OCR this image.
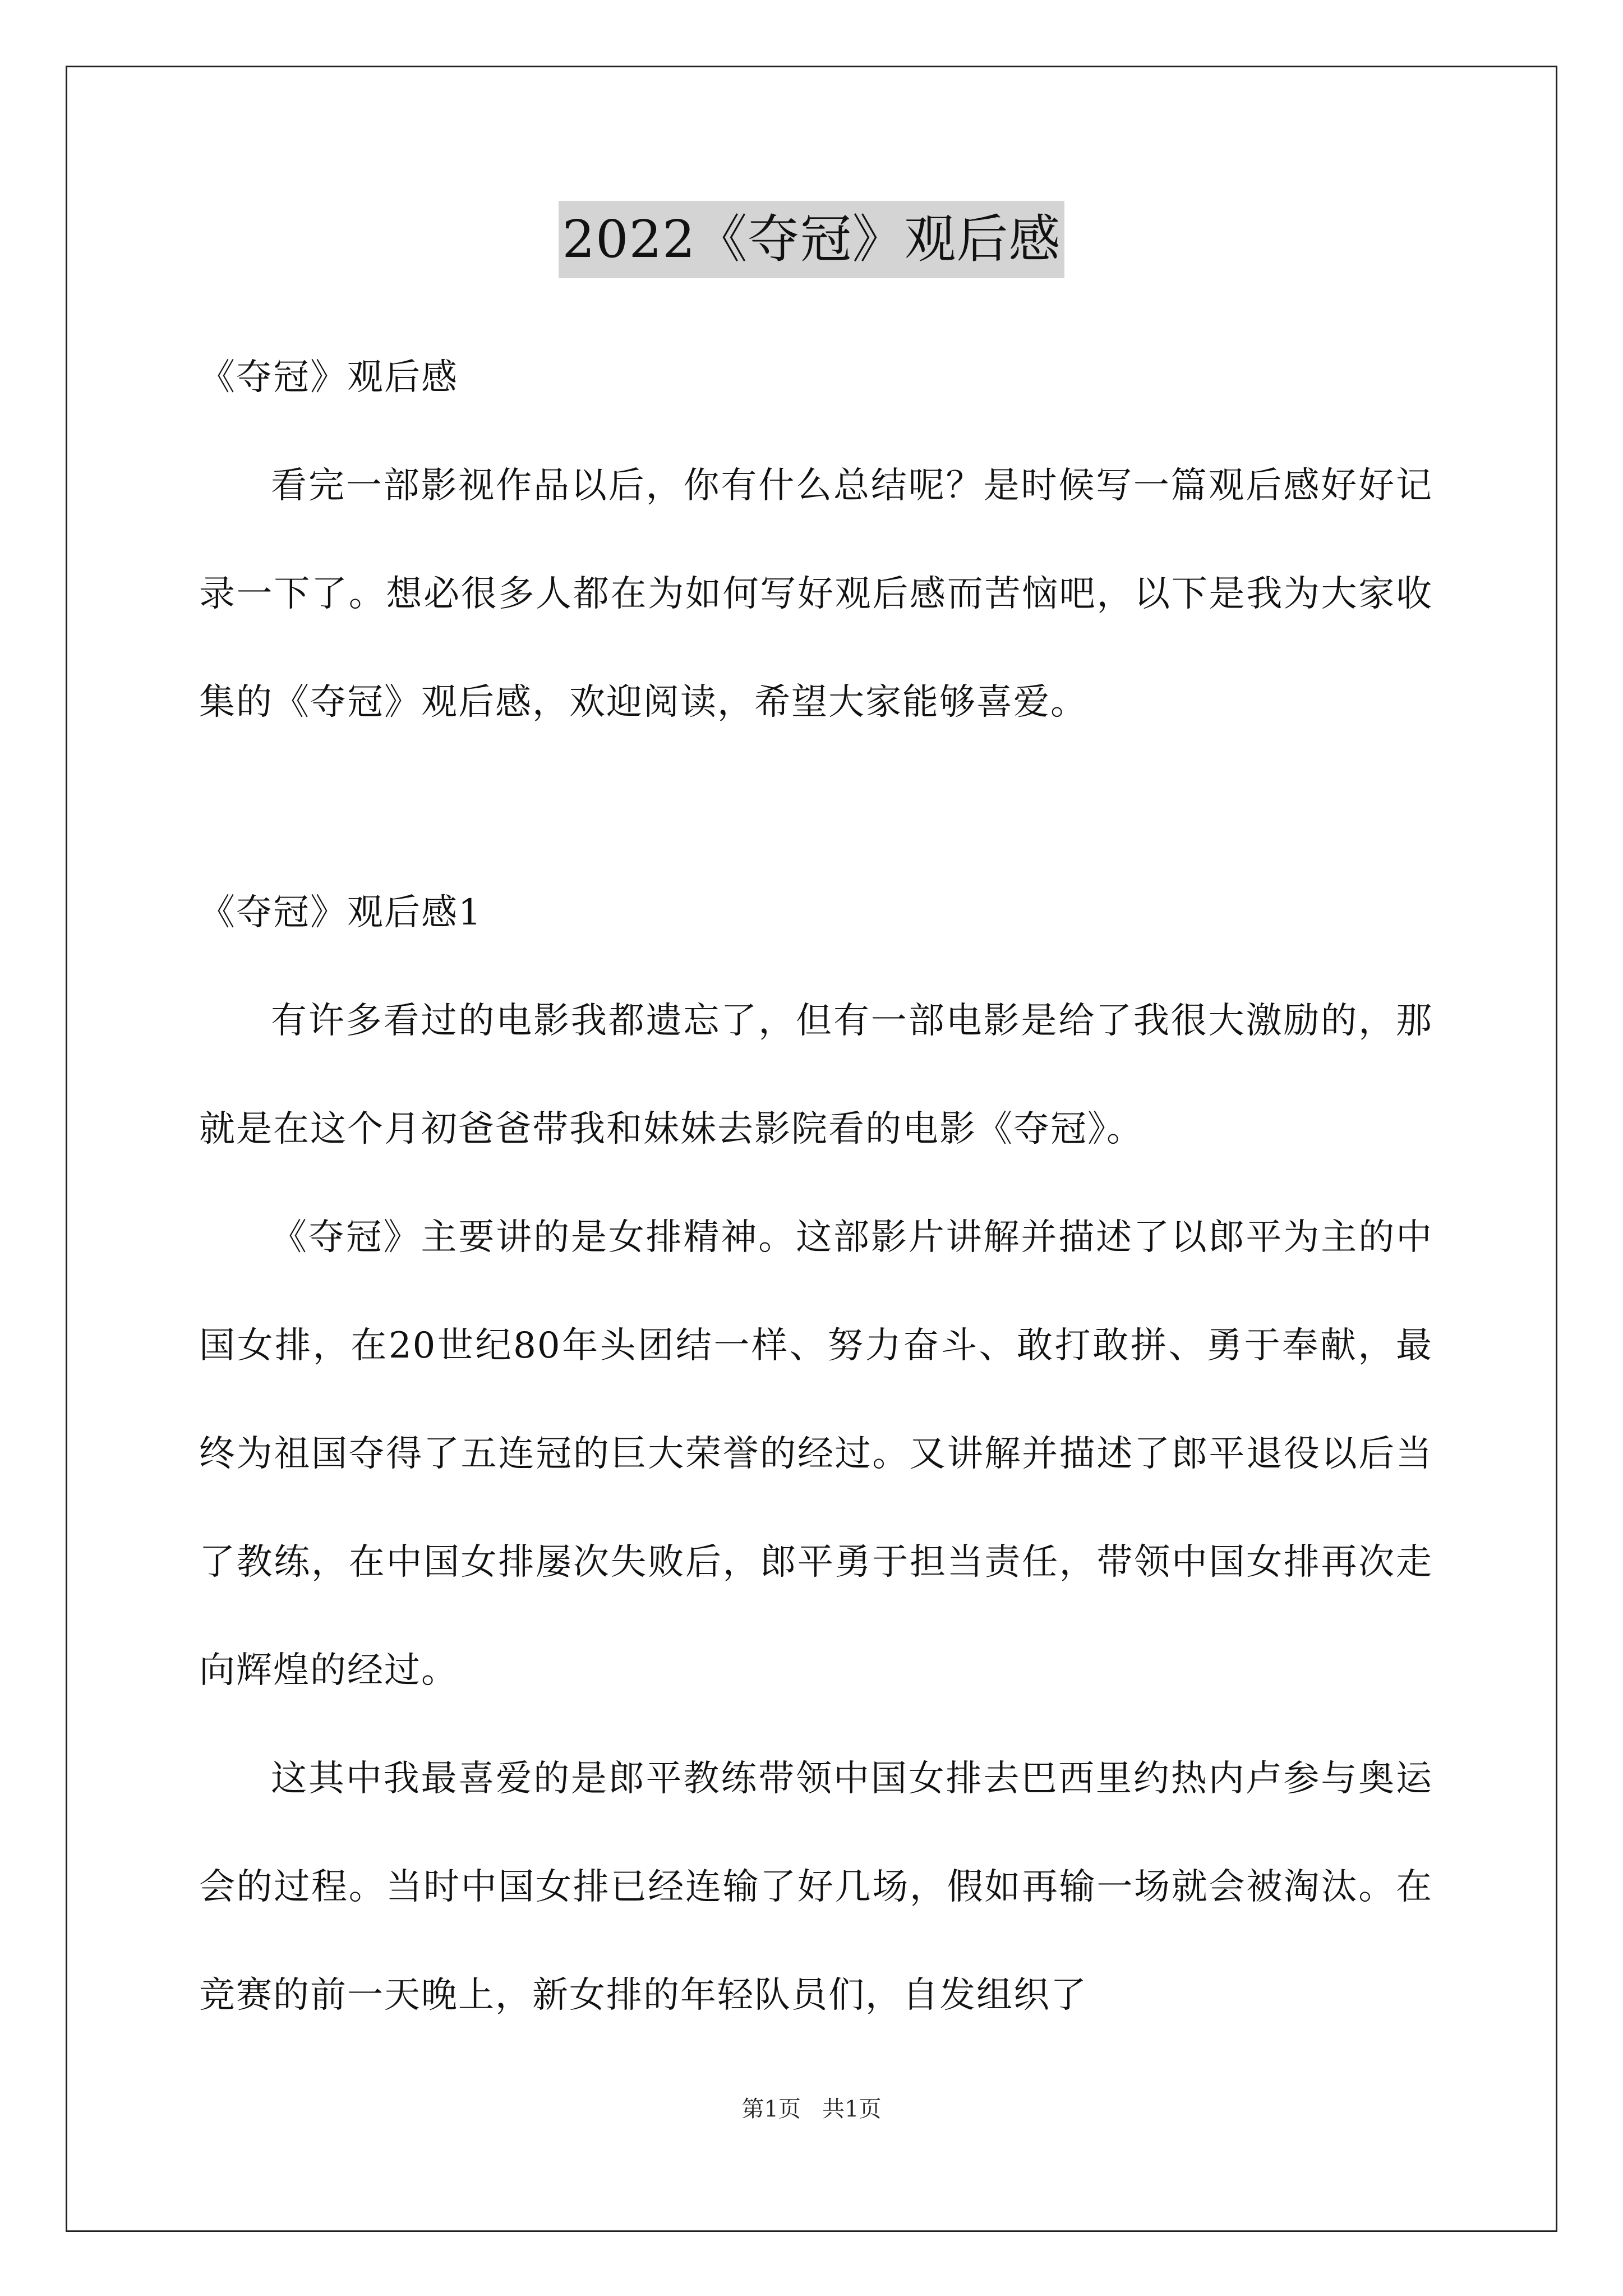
2022《夺冠》观后感
《夺冠》观后感

看完一部影视作品以后，你有什么总结呢？是时候写一篇观后感好好记录一下了。想必很多人都在为如何写好观后感而苦恼吧，以下是我为大家收集的《夺冠》观后感，欢迎阅读，希望大家能够喜爱。

《夺冠》观后感1

有许多看过的电影我都遗忘了，但有一部电影是给了我很大激励的，那就是在这个月初爸爸带我和妹妹去影院看的电影《夺冠》。

《夺冠》主要讲的是女排精神。这部影片讲解并描述了以郎平为主的中国女排，在20世纪80年头团结一样、努力奋斗、敢打敢拼、勇于奉献，最终为祖国夺得了五连冠的巨大荣誉的经过。又讲解并描述了郎平退役以后当了教练，在中国女排屡次失败后，郎平勇于担当责任，带领中国女排再次走向辉煌的经过。

这其中我最喜爱的是郎平教练带领中国女排去巴西里约热内卢参与奥运会的过程。当时中国女排已经连输了好几场，假如再输一场就会被淘汰。在竞赛的前一天晚上，新女排的年轻队员们，自发组织了

第1页   共1页
